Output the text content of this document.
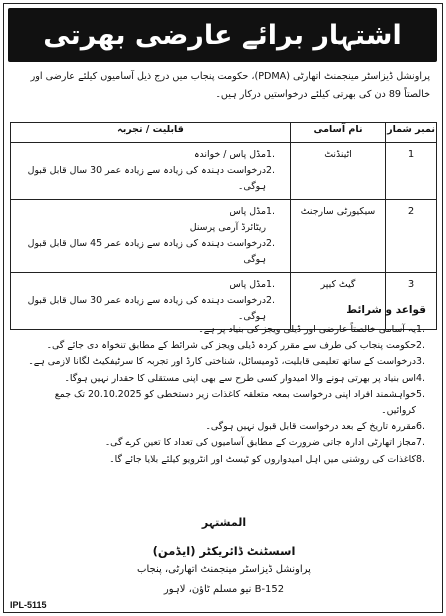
اشتہار برائے عارضی بھرتی
پراونشل ڈیزاسٹر مینجمنٹ اتھارٹی (PDMA)، حکومت پنجاب میں درج ذیل آسامیوں کیلئے عارضی اور خالصتاً 89 دن کی بھرتی کیلئے درخواستیں درکار ہیں۔
نمبر شمار	نام آسامی	قابلیت / تجربہ
1	اٹینڈنٹ	1.
مڈل پاس / خواندہ
2.
درخواست دہندہ کی زیادہ سے زیادہ عمر 30 سال قابل قبول ہوگی۔

2	سیکیورٹی سارجنٹ	1.
مڈل پاس
ریٹائرڈ آرمی پرسنل
2.
درخواست دہندہ کی زیادہ سے زیادہ عمر 45 سال قابل قبول ہوگی

3	گیٹ کیپر	1.
مڈل پاس
2.
درخواست دہندہ کی زیادہ سے زیادہ عمر 30 سال قابل قبول ہوگی۔
قواعد و شرائط
1.
یہ آسامی خالصتاً عارضی اور ڈیلی ویجز کی بنیاد پر ہے۔
2.
حکومت پنجاب کی طرف سے مقرر کردہ ڈیلی ویجز کی شرائط کے مطابق تنخواہ دی جائے گی۔
3.
درخواست کے ساتھ تعلیمی قابلیت، ڈومیسائل، شناختی کارڈ اور تجربہ کا سرٹیفکیٹ لگانا لازمی ہے۔
4.
اس بنیاد پر بھرتی ہونے والا امیدوار کسی طرح سے بھی اپنی مستقلی کا حقدار نہیں ہوگا۔
5.
خواہشمند افراد اپنی درخواست بمعہ متعلقہ کاغذات زیر دستخطی کو 20.10.2025 تک جمع کروائیں۔
6.
مقررہ تاریخ کے بعد درخواست قابل قبول نہیں ہوگی۔
7.
مجاز اتھارٹی ادارہ جاتی ضرورت کے مطابق آسامیوں کی تعداد کا تعین کرے گی۔
8.
کاغذات کی روشنی میں اہل امیدواروں کو ٹیسٹ اور انٹرویو کیلئے بلایا جائے گا۔
المشتہر
اسسٹنٹ ڈائریکٹر (ایڈمن)
پراونشل ڈیزاسٹر مینجمنٹ اتھارٹی، پنجاب
B-152 نیو مسلم ٹاؤن، لاہور
IPL-5115
